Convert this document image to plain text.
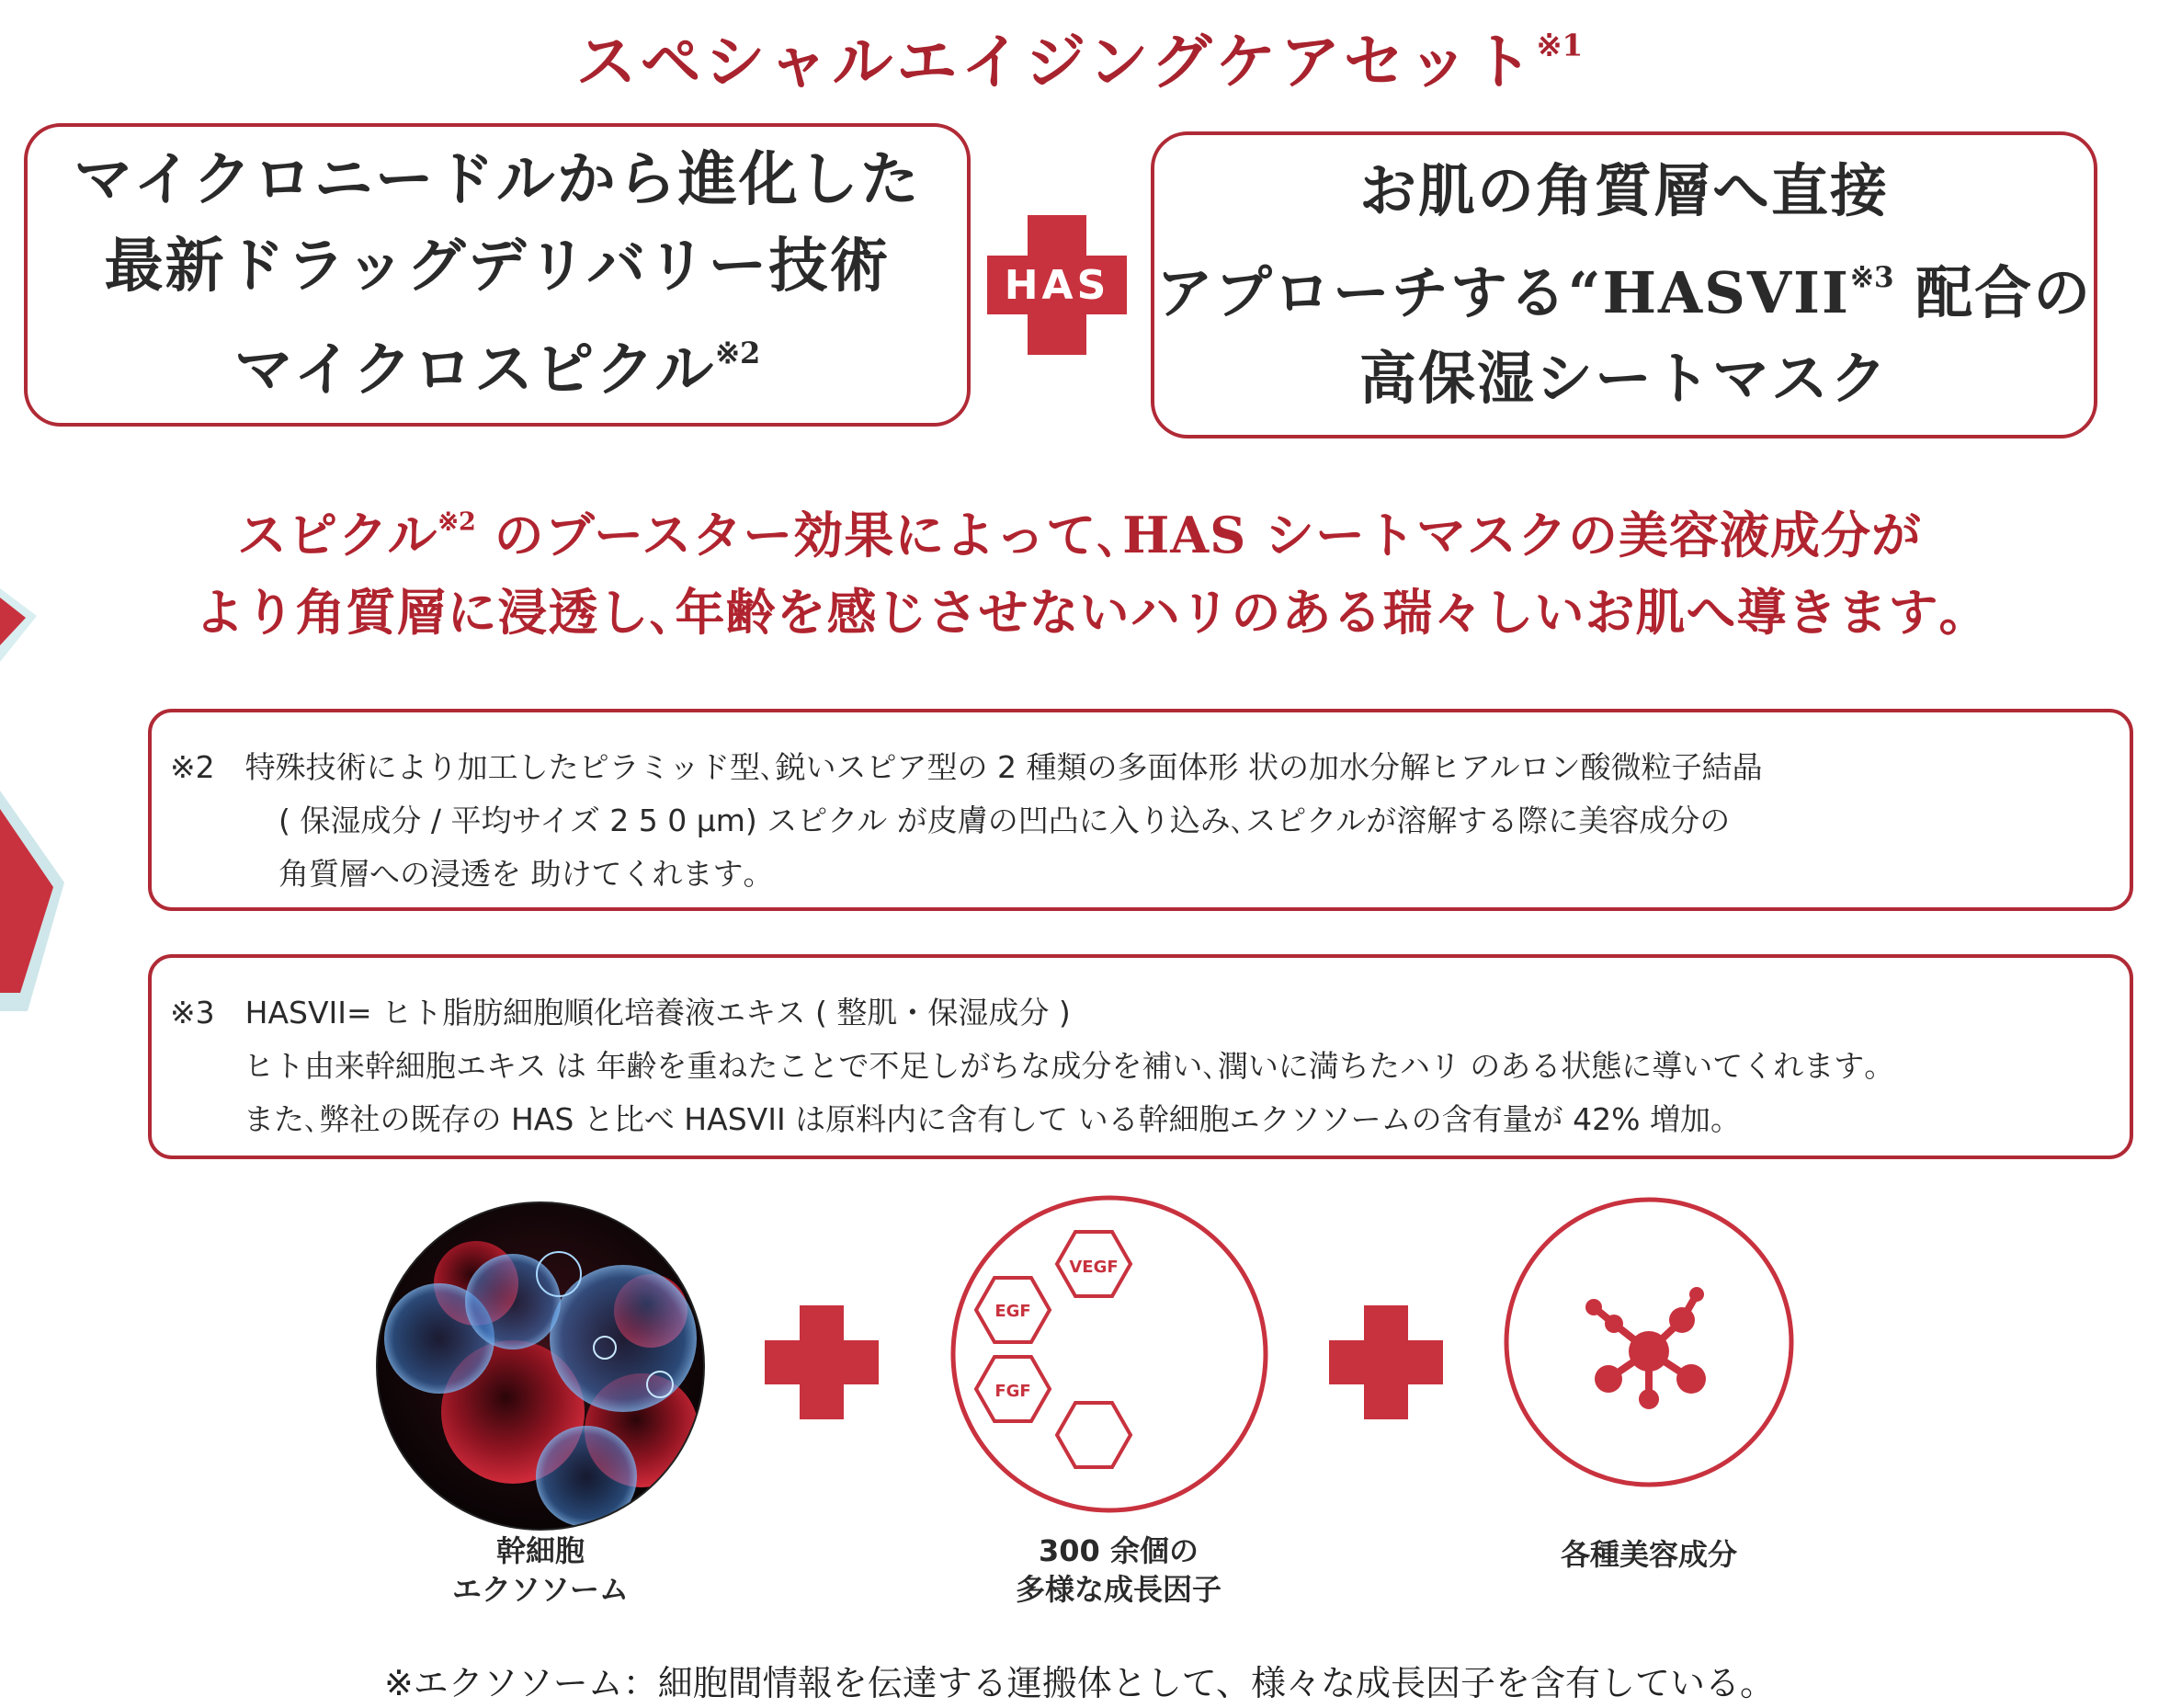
スペシャルエイジングケアセット$^{※1}$
マイクロニードルから進化した
最新ドラッグデリバリー技術
マイクロスピクル$^{※2}$
HAS
お肌の角質層へ直接
アプローチする“HASVII$^{※3}$ 配合の
高保湿シートマスク
スピクル$^{※2}$ のブースター効果によって､HAS シートマスクの美容液成分が
より角質層に浸透し､年齢を感じさせないハリのある瑞々しいお肌へ導きます｡
※2　特殊技術により加工したピラミッド型､鋭いスピア型の 2 種類の多面体形 状の加水分解ヒアルロン酸微粒子結晶
( 保湿成分 / 平均サイズ 2 5 0 μm) スピクル が皮膚の凹凸に入り込み､スピクルが溶解する際に美容成分の
角質層への浸透を 助けてくれます｡
※3　HASVII= ヒト脂肪細胞順化培養液エキス ( 整肌・保湿成分 )
ヒト由来幹細胞エキス は 年齢を重ねたことで不足しがちな成分を補い､潤いに満ちたハリ のある状態に導いてくれます｡
また､弊社の既存の HAS と比べ HASVII は原料内に含有して いる幹細胞エクソソームの含有量が 42% 増加｡
VEGF
EGF
FGF
幹細胞
エクソソーム
300 余個の
多様な成長因子
各種美容成分
※エクソソーム：細胞間情報を伝達する運搬体として、様々な成長因子を含有している。
